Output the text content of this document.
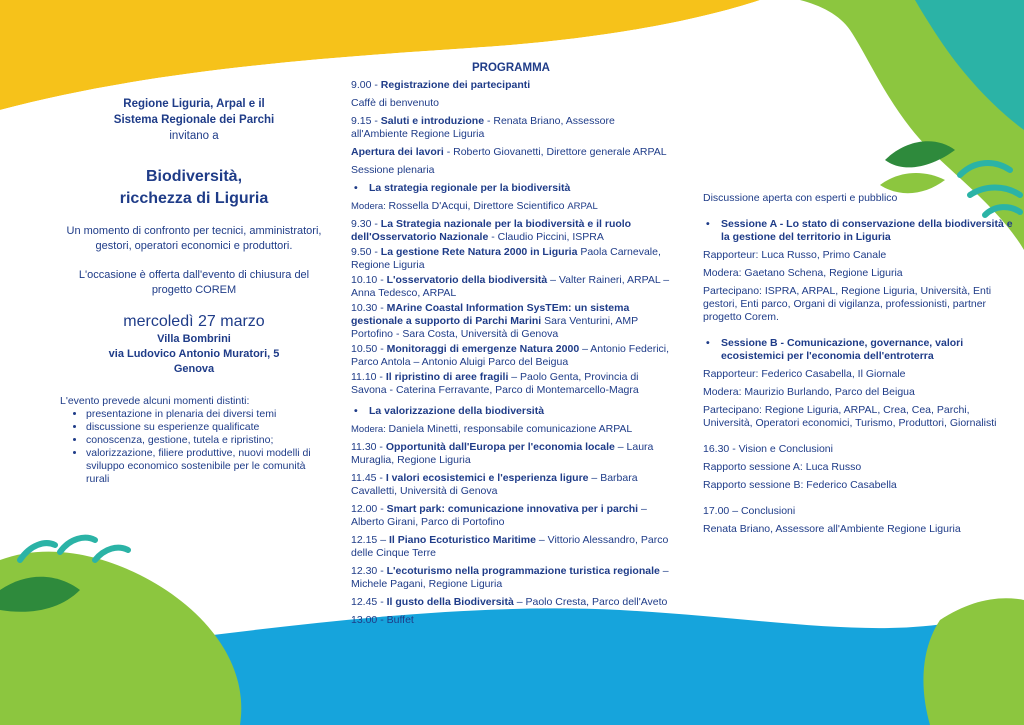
Regione Liguria, Arpal e il
Sistema Regionale dei Parchi
invitano a
Biodiversità,
ricchezza di Liguria
Un momento di confronto per tecnici, amministratori, gestori, operatori economici e produttori.
L'occasione è offerta dall'evento di chiusura del progetto COREM
mercoledì 27 marzo
Villa Bombrini
via Ludovico Antonio Muratori, 5
Genova
L'evento prevede alcuni momenti distinti:
• presentazione in plenaria dei diversi temi
• discussione su esperienze qualificate
• conoscenza, gestione, tutela e ripristino;
• valorizzazione, filiere produttive, nuovi modelli di sviluppo economico sostenibile per le comunità rurali
PROGRAMMA
9.00 - Registrazione dei partecipanti
Caffè di benvenuto
9.15 - Saluti e introduzione - Renata Briano, Assessore all'Ambiente Regione Liguria
Apertura dei lavori - Roberto Giovanetti, Direttore generale ARPAL
Sessione plenaria
• La strategia regionale per la biodiversità
Modera: Rossella D'Acqui, Direttore Scientifico ARPAL
9.30 - La Strategia nazionale per la biodiversità e il ruolo dell'Osservatorio Nazionale - Claudio Piccini, ISPRA
9.50 - La gestione Rete Natura 2000 in Liguria Paola Carnevale, Regione Liguria
10.10 - L'osservatorio della biodiversità – Valter Raineri, ARPAL – Anna Tedesco, ARPAL
10.30 - MArine Coastal Information SysTEm: un sistema gestionale a supporto di Parchi Marini Sara Venturini, AMP Portofino - Sara Costa, Università di Genova
10.50 - Monitoraggi di emergenze Natura 2000 – Antonio Federici, Parco Antola – Antonio Aluigi Parco del Beigua
11.10 - Il ripristino di aree fragili – Paolo Genta, Provincia di Savona - Caterina Ferravante, Parco di Montemarcello-Magra
• La valorizzazione della biodiversità
Modera: Daniela Minetti, responsabile comunicazione ARPAL
11.30 - Opportunità dall'Europa per l'economia locale – Laura Muraglia, Regione Liguria
11.45 - I valori ecosistemici e l'esperienza ligure – Barbara Cavalletti, Università di Genova
12.00 - Smart park: comunicazione innovativa per i parchi – Alberto Girani, Parco di Portofino
12.15 – Il Piano Ecoturistico Maritime – Vittorio Alessandro, Parco delle Cinque Terre
12.30 - L'ecoturismo nella programmazione turistica regionale – Michele Pagani, Regione Liguria
12.45 - Il gusto della Biodiversità – Paolo Cresta, Parco dell'Aveto
13.00 - Buffet
Discussione aperta con esperti e pubblico
• Sessione A - Lo stato di conservazione della biodiversità e la gestione del territorio in Liguria
Rapporteur: Luca Russo, Primo Canale
Modera: Gaetano Schena, Regione Liguria
Partecipano: ISPRA, ARPAL, Regione Liguria, Università, Enti gestori, Enti parco, Organi di vigilanza, professionisti, partner progetto Corem.
• Sessione B - Comunicazione, governance, valori ecosistemici per l'economia dell'entroterra
Rapporteur: Federico Casabella, Il Giornale
Modera: Maurizio Burlando, Parco del Beigua
Partecipano: Regione Liguria, ARPAL, Crea, Cea, Parchi, Università, Operatori economici, Turismo, Produttori, Giornalisti
16.30 - Vision e Conclusioni
Rapporto sessione A: Luca Russo
Rapporto sessione B: Federico Casabella
17.00 – Conclusioni
Renata Briano, Assessore all'Ambiente Regione Liguria
